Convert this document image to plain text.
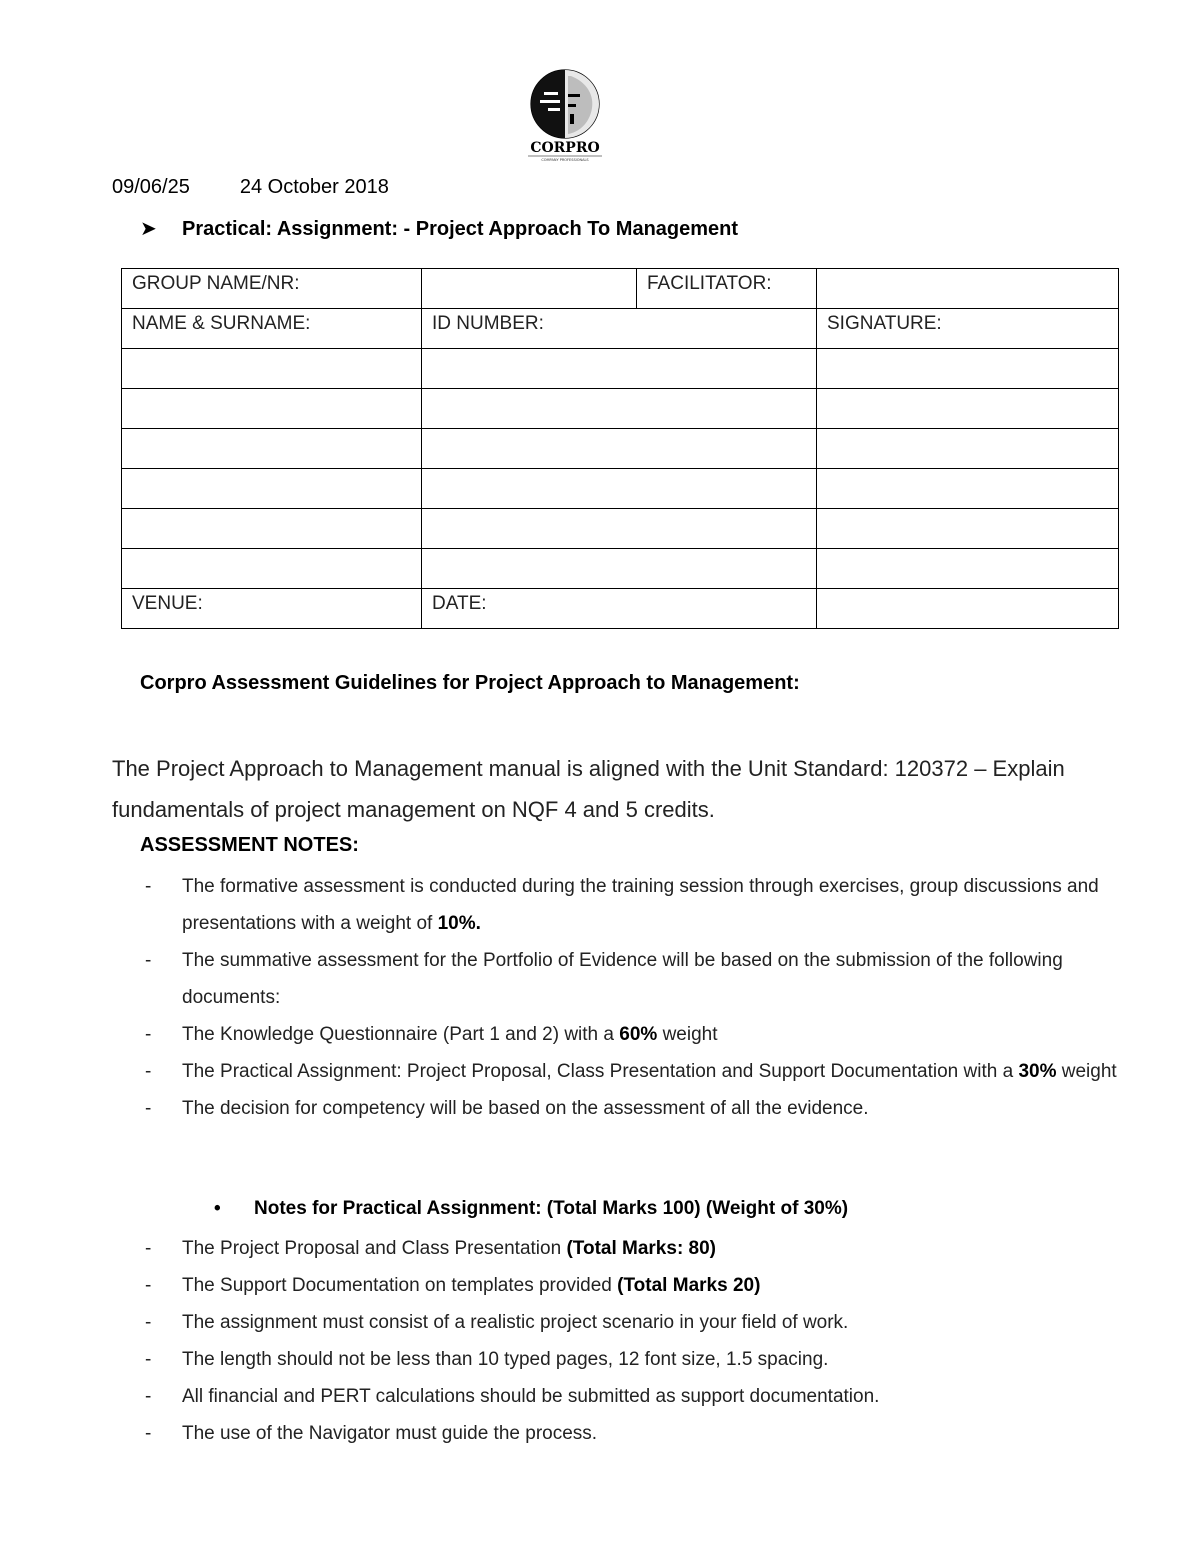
CORPRO
COMPANY PROFESSIONALS
09/06/25	24 October 2018
➤ Practical: Assignment: - Project Approach To Management
GROUP NAME/NR:		FACILITATOR:	
NAME & SURNAME:	ID NUMBER:		SIGNATURE:

VENUE:	DATE:		
Corpro Assessment Guidelines for Project Approach to Management:
The Project Approach to Management manual is aligned with the Unit Standard: 120372 – Explain fundamentals of project management on NQF 4 and 5 credits.
ASSESSMENT NOTES:
- The formative assessment is conducted during the training session through exercises, group discussions and presentations with a weight of 10%.
- The summative assessment for the Portfolio of Evidence will be based on the submission of the following documents:
- The Knowledge Questionnaire (Part 1 and 2) with a 60% weight
- The Practical Assignment: Project Proposal, Class Presentation and Support Documentation with a 30% weight
- The decision for competency will be based on the assessment of all the evidence.
• Notes for Practical Assignment: (Total Marks 100) (Weight of 30%)
- The Project Proposal and Class Presentation (Total Marks: 80)
- The Support Documentation on templates provided (Total Marks 20)
- The assignment must consist of a realistic project scenario in your field of work.
- The length should not be less than 10 typed pages, 12 font size, 1.5 spacing.
- All financial and PERT calculations should be submitted as support documentation.
- The use of the Navigator must guide the process.
